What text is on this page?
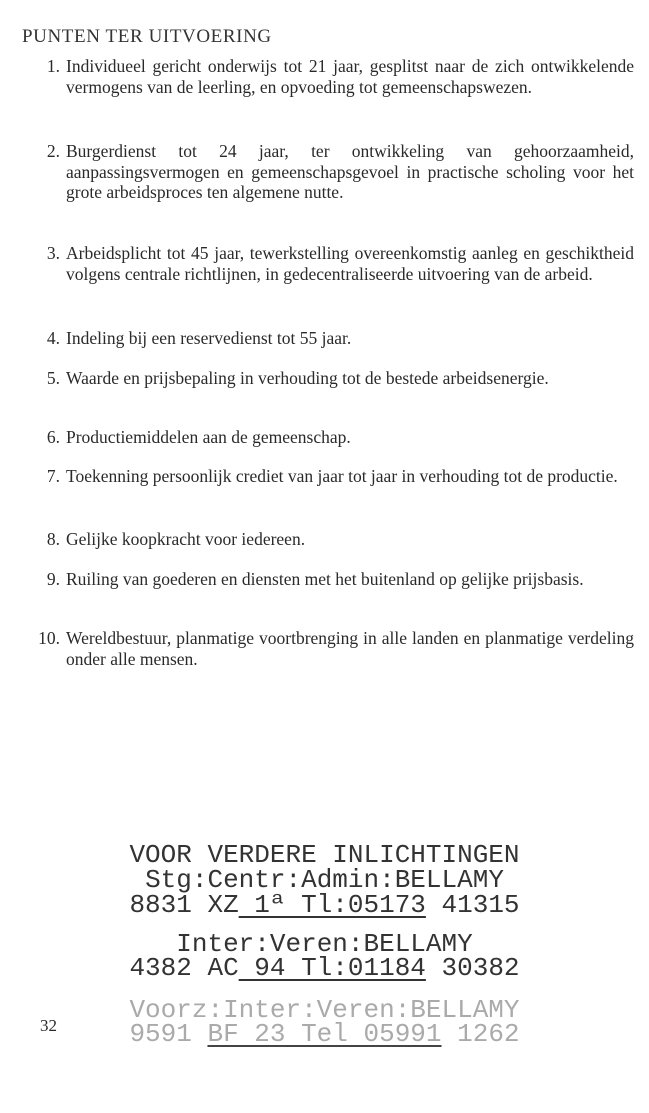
PUNTEN TER UITVOERING
1. Individueel gericht onderwijs tot 21 jaar, gesplitst naar de zich ontwikkelende vermogens van de leerling, en opvoeding tot gemeenschapswezen.
2. Burgerdienst tot 24 jaar, ter ontwikkeling van gehoorzaamheid, aanpassingsvermogen en gemeenschapsgevoel in practische scholing voor het grote arbeidsproces ten algemene nutte.
3. Arbeidsplicht tot 45 jaar, tewerkstelling overeenkomstig aanleg en geschiktheid volgens centrale richtlijnen, in gedecentraliseerde uitvoering van de arbeid.
4. Indeling bij een reservedienst tot 55 jaar.
5. Waarde en prijsbepaling in verhouding tot de bestede arbeidsenergie.
6. Productiemiddelen aan de gemeenschap.
7. Toekenning persoonlijk crediet van jaar tot jaar in verhouding tot de productie.
8. Gelijke koopkracht voor iedereen.
9. Ruiling van goederen en diensten met het buitenland op gelijke prijsbasis.
10. Wereldbestuur, planmatige voortbrenging in alle landen en planmatige verdeling onder alle mensen.
VOOR VERDERE INLICHTINGEN
Stg:Centr:Admin:BELLAMY
8831 XZ 1ª Tl:05173 41315
Inter:Veren:BELLAMY
4382 AC 94 Tl:01184 30382
Voorz:Inter:Veren:BELLAMY
9591 BF 23 Tel 05991 1262
32
